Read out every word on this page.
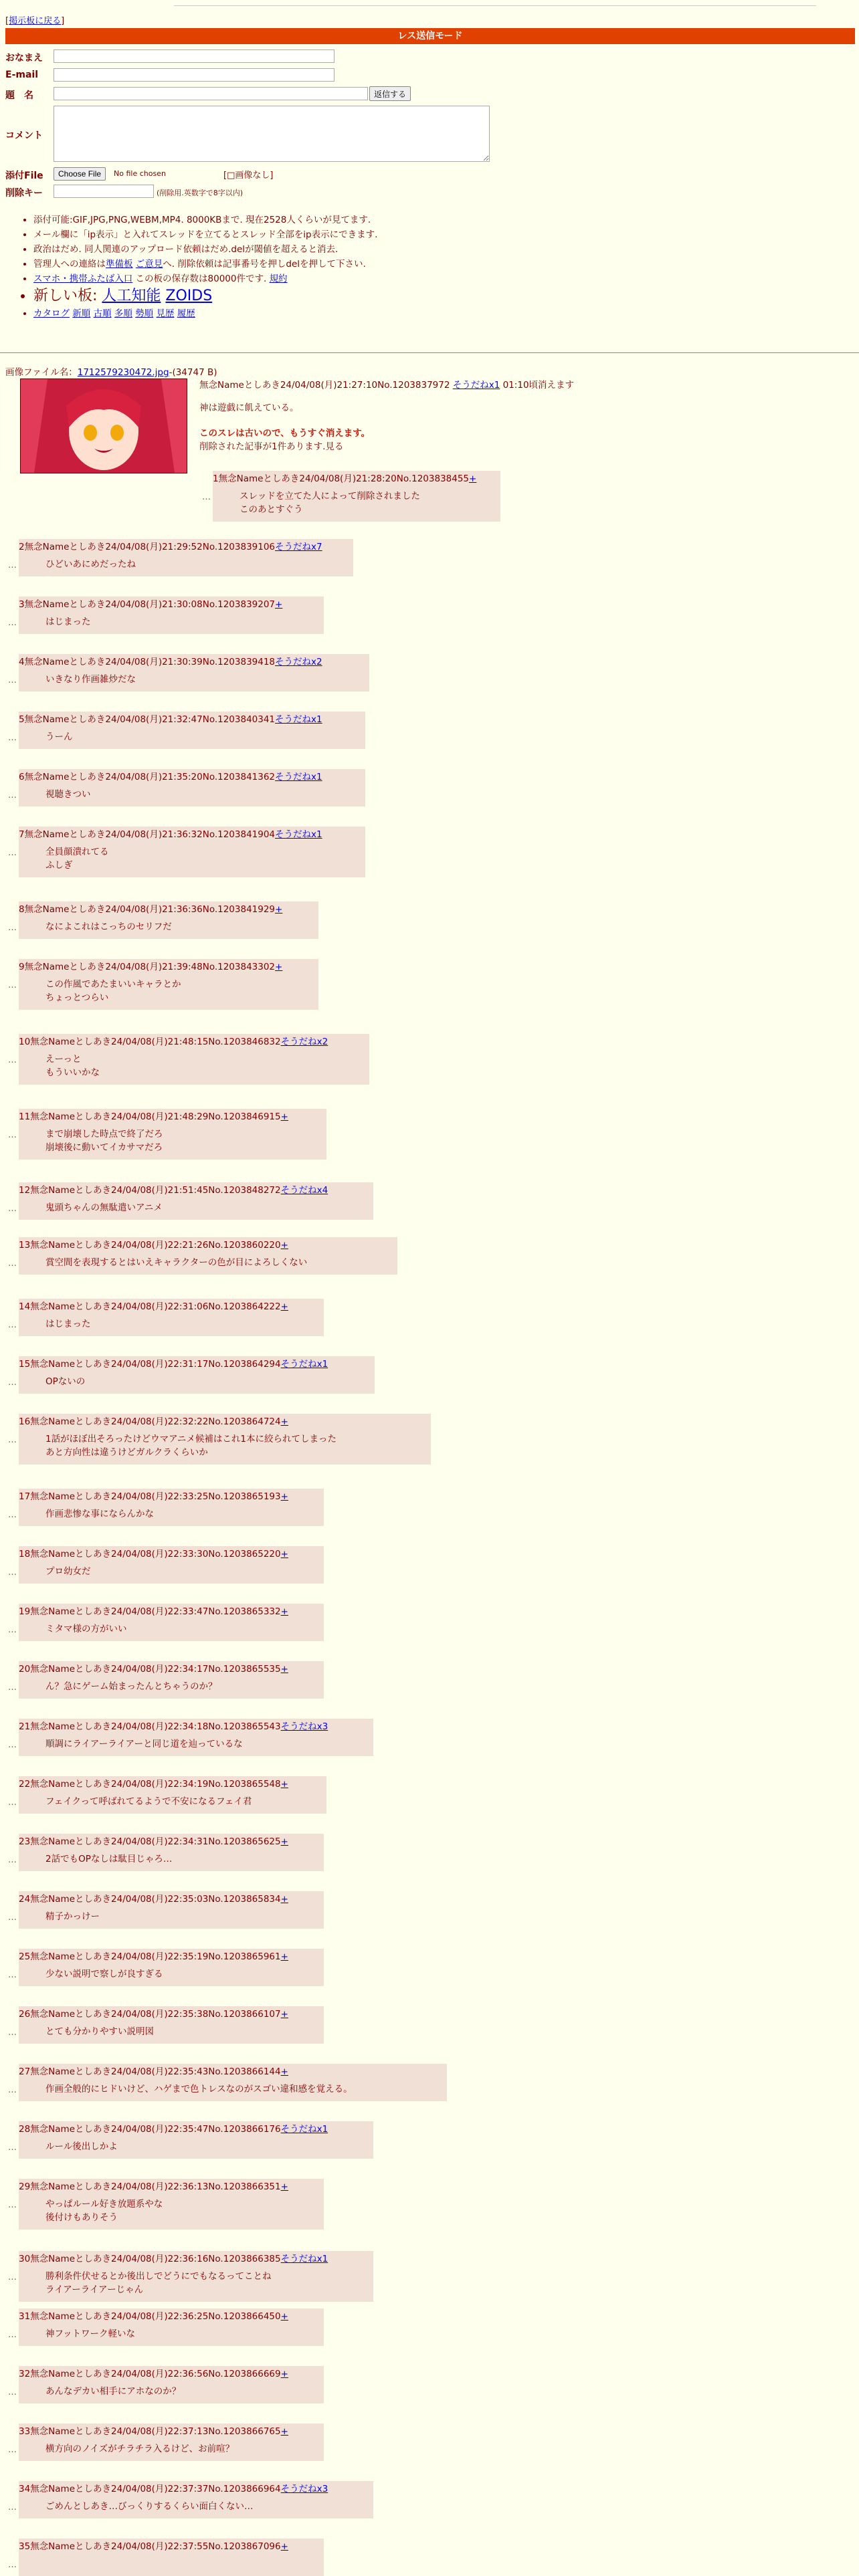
[掲示板に戻る]
レス送信モード
おなまえ
E-mail
題　名	返信する
コメント
添付File	Choose File	No file chosen	[□画像なし]
削除キー	(削除用.英数字で8字以内)
• 添付可能:GIF,JPG,PNG,WEBM,MP4. 8000KBまで. 現在2528人くらいが見てます.
• メール欄に「ip表示」と入れてスレッドを立てるとスレッド全部をip表示にできます.
• 政治はだめ. 同人関連のアップロード依頼はだめ.delが閾値を超えると消去.
• 管理人への連絡は準備板 ご意見へ. 削除依頼は記事番号を押しdelを押して下さい.
• スマホ・携帯ふたば入口 この板の保存数は80000件です. 規約
• 新しい板: 人工知能 ZOIDS
• カタログ 新順 古順 多順 勢順 見歴 履歴
画像ファイル名：1712579230472.jpg-(34747 B)
無念Nameとしあき24/04/08(月)21:27:10No.1203837972 そうだねx1 01:10頃消えます
神は遊戯に飢えている。
このスレは古いので、もうすぐ消えます。
削除された記事が1件あります.見る
…
1無念Nameとしあき24/04/08(月)21:28:20No.1203838455+
スレッドを立てた人によって削除されました
このあとすぐう
…
2無念Nameとしあき24/04/08(月)21:29:52No.1203839106そうだねx7
ひどいあにめだったね
…
3無念Nameとしあき24/04/08(月)21:30:08No.1203839207+
はじまった
…
4無念Nameとしあき24/04/08(月)21:30:39No.1203839418そうだねx2
いきなり作画雑炒だな
…
5無念Nameとしあき24/04/08(月)21:32:47No.1203840341そうだねx1
うーん
…
6無念Nameとしあき24/04/08(月)21:35:20No.1203841362そうだねx1
視聴きつい
…
7無念Nameとしあき24/04/08(月)21:36:32No.1203841904そうだねx1
全員顔潰れてる
ふしぎ
…
8無念Nameとしあき24/04/08(月)21:36:36No.1203841929+
なによこれはこっちのセリフだ
…
9無念Nameとしあき24/04/08(月)21:39:48No.1203843302+
この作風であたまいいキャラとか
ちょっとつらい
…
10無念Nameとしあき24/04/08(月)21:48:15No.1203846832そうだねx2
えーっと
もういいかな
…
11無念Nameとしあき24/04/08(月)21:48:29No.1203846915+
まで崩壊した時点で終了だろ
崩壊後に動いてイカサマだろ
…
12無念Nameとしあき24/04/08(月)21:51:45No.1203848272そうだねx4
鬼頭ちゃんの無駄遣いアニメ
…
13無念Nameとしあき24/04/08(月)22:21:26No.1203860220+
賞空間を表現するとはいえキャラクターの色が目によろしくない
…
14無念Nameとしあき24/04/08(月)22:31:06No.1203864222+
はじまった
…
15無念Nameとしあき24/04/08(月)22:31:17No.1203864294そうだねx1
OPないの
…
16無念Nameとしあき24/04/08(月)22:32:22No.1203864724+
1話がほぼ出そろったけどウマアニメ候補はこれ1本に絞られてしまった
あと方向性は違うけどガルクラくらいか
…
17無念Nameとしあき24/04/08(月)22:33:25No.1203865193+
作画悲惨な事にならんかな
…
18無念Nameとしあき24/04/08(月)22:33:30No.1203865220+
プロ幼女だ
…
19無念Nameとしあき24/04/08(月)22:33:47No.1203865332+
ミタマ様の方がいい
…
20無念Nameとしあき24/04/08(月)22:34:17No.1203865535+
ん？急にゲーム始まったんとちゃうのか？
…
21無念Nameとしあき24/04/08(月)22:34:18No.1203865543そうだねx3
順調にライアーライアーと同じ道を辿っているな
…
22無念Nameとしあき24/04/08(月)22:34:19No.1203865548+
フェイクって呼ばれてるようで不安になるフェイ君
…
23無念Nameとしあき24/04/08(月)22:34:31No.1203865625+
2話でもOPなしは駄目じゃろ…
…
24無念Nameとしあき24/04/08(月)22:35:03No.1203865834+
精子かっけー
…
25無念Nameとしあき24/04/08(月)22:35:19No.1203865961+
少ない説明で察しが良すぎる
…
26無念Nameとしあき24/04/08(月)22:35:38No.1203866107+
とても分かりやすい説明図
…
27無念Nameとしあき24/04/08(月)22:35:43No.1203866144+
作画全般的にヒドいけど、ハゲまで色トレスなのがスゴい違和感を覚える。
…
28無念Nameとしあき24/04/08(月)22:35:47No.1203866176そうだねx1
ルール後出しかよ
…
29無念Nameとしあき24/04/08(月)22:36:13No.1203866351+
やっぱルール好き放題系やな
後付けもありそう
…
30無念Nameとしあき24/04/08(月)22:36:16No.1203866385そうだねx1
勝利条件伏せるとか後出しでどうにでもなるってことね
ライアーライアーじゃん
…
31無念Nameとしあき24/04/08(月)22:36:25No.1203866450+
神フットワーク軽いな
…
32無念Nameとしあき24/04/08(月)22:36:56No.1203866669+
あんなデカい相手にアホなのか？
…
33無念Nameとしあき24/04/08(月)22:37:13No.1203866765+
横方向のノイズがチラチラ入るけど、お前喧？
…
34無念Nameとしあき24/04/08(月)22:37:37No.1203866964そうだねx3
ごめんとしあき…びっくりするくらい面白くない…
…
35無念Nameとしあき24/04/08(月)22:37:55No.1203867096+
